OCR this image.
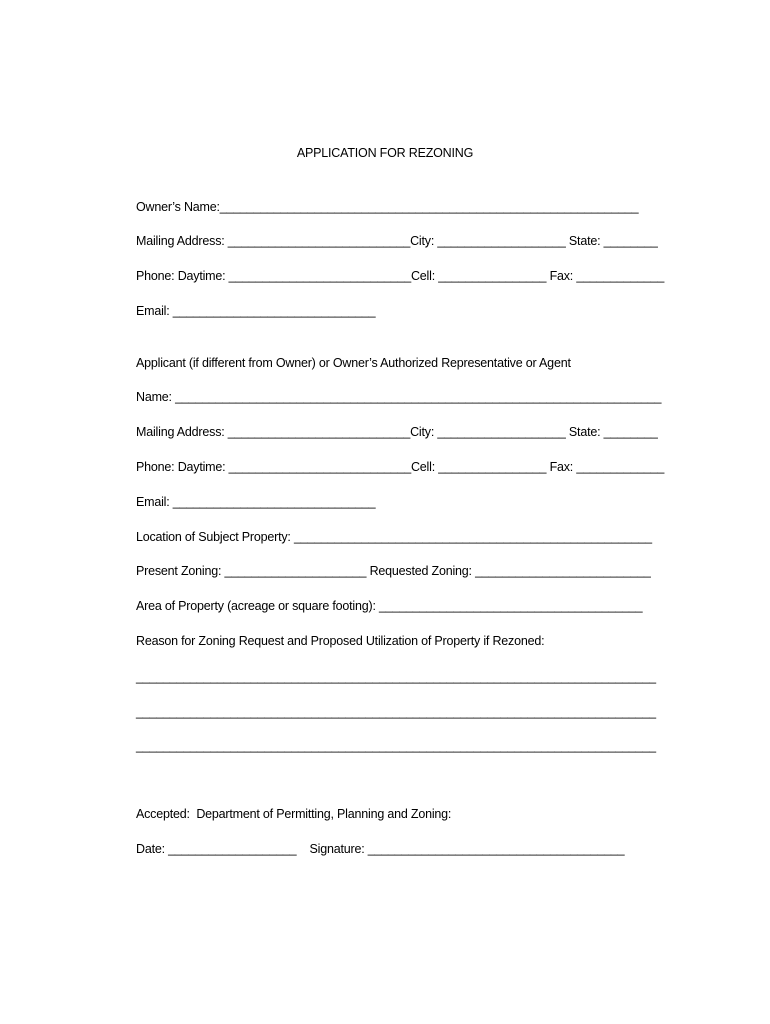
APPLICATION FOR REZONING
Owner’s Name:______________________________________________________________
Mailing Address: ___________________________City: ___________________ State: ________
Phone: Daytime: ___________________________Cell: ________________ Fax: _____________
Email: ______________________________
Applicant (if different from Owner) or Owner’s Authorized Representative or Agent
Name: ________________________________________________________________________
Mailing Address: ___________________________City: ___________________ State: ________
Phone: Daytime: ___________________________Cell: ________________ Fax: _____________
Email: ______________________________
Location of Subject Property: _____________________________________________________
Present Zoning: _____________________ Requested Zoning: __________________________
Area of Property (acreage or square footing): _______________________________________
Reason for Zoning Request and Proposed Utilization of Property if Rezoned:
_____________________________________________________________________________
_____________________________________________________________________________
_____________________________________________________________________________
Accepted:  Department of Permitting, Planning and Zoning:
Date: ___________________    Signature: ______________________________________
